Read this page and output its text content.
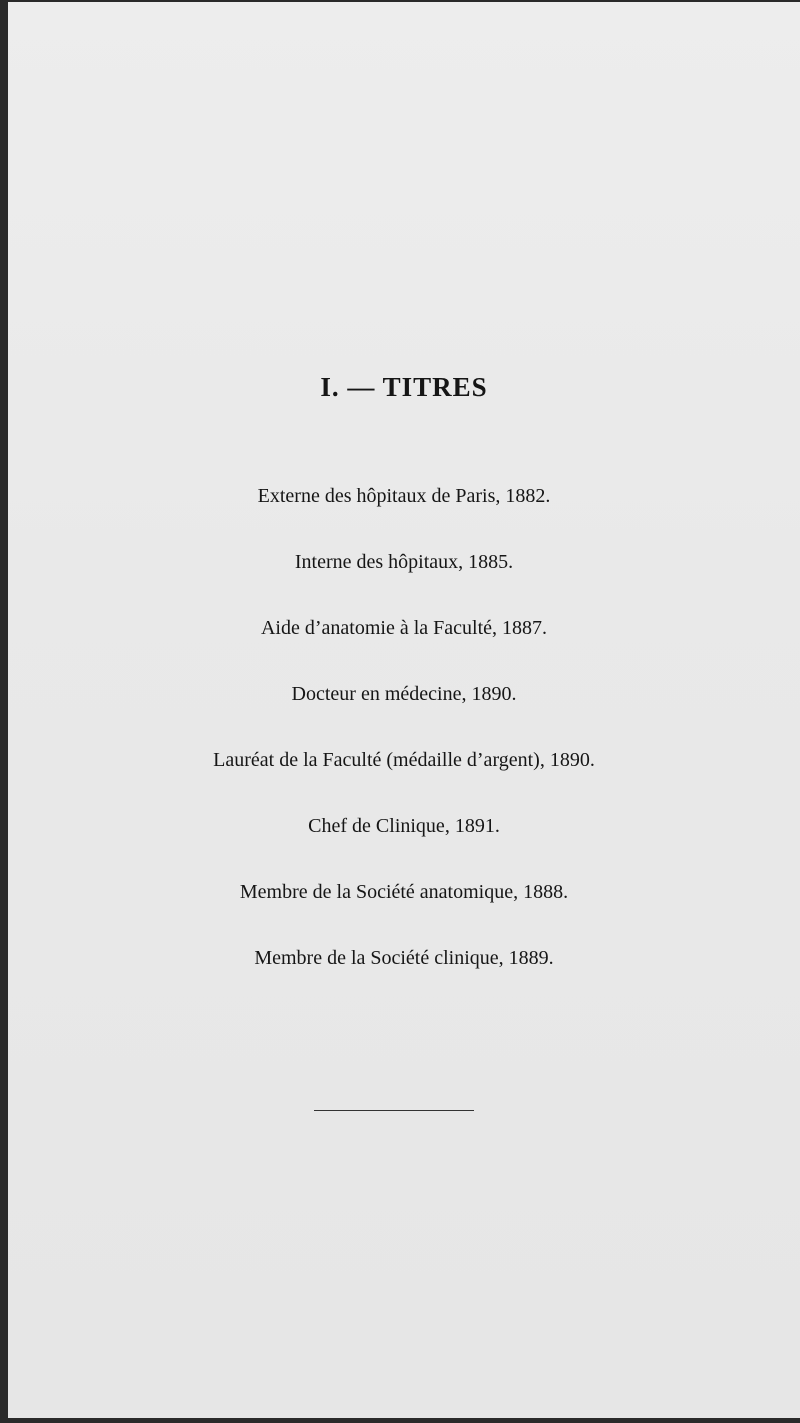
I. — TITRES
Externe des hôpitaux de Paris, 1882.
Interne des hôpitaux, 1885.
Aide d’anatomie à la Faculté, 1887.
Docteur en médecine, 1890.
Lauréat de la Faculté (médaille d’argent), 1890.
Chef de Clinique, 1891.
Membre de la Société anatomique, 1888.
Membre de la Société clinique, 1889.
